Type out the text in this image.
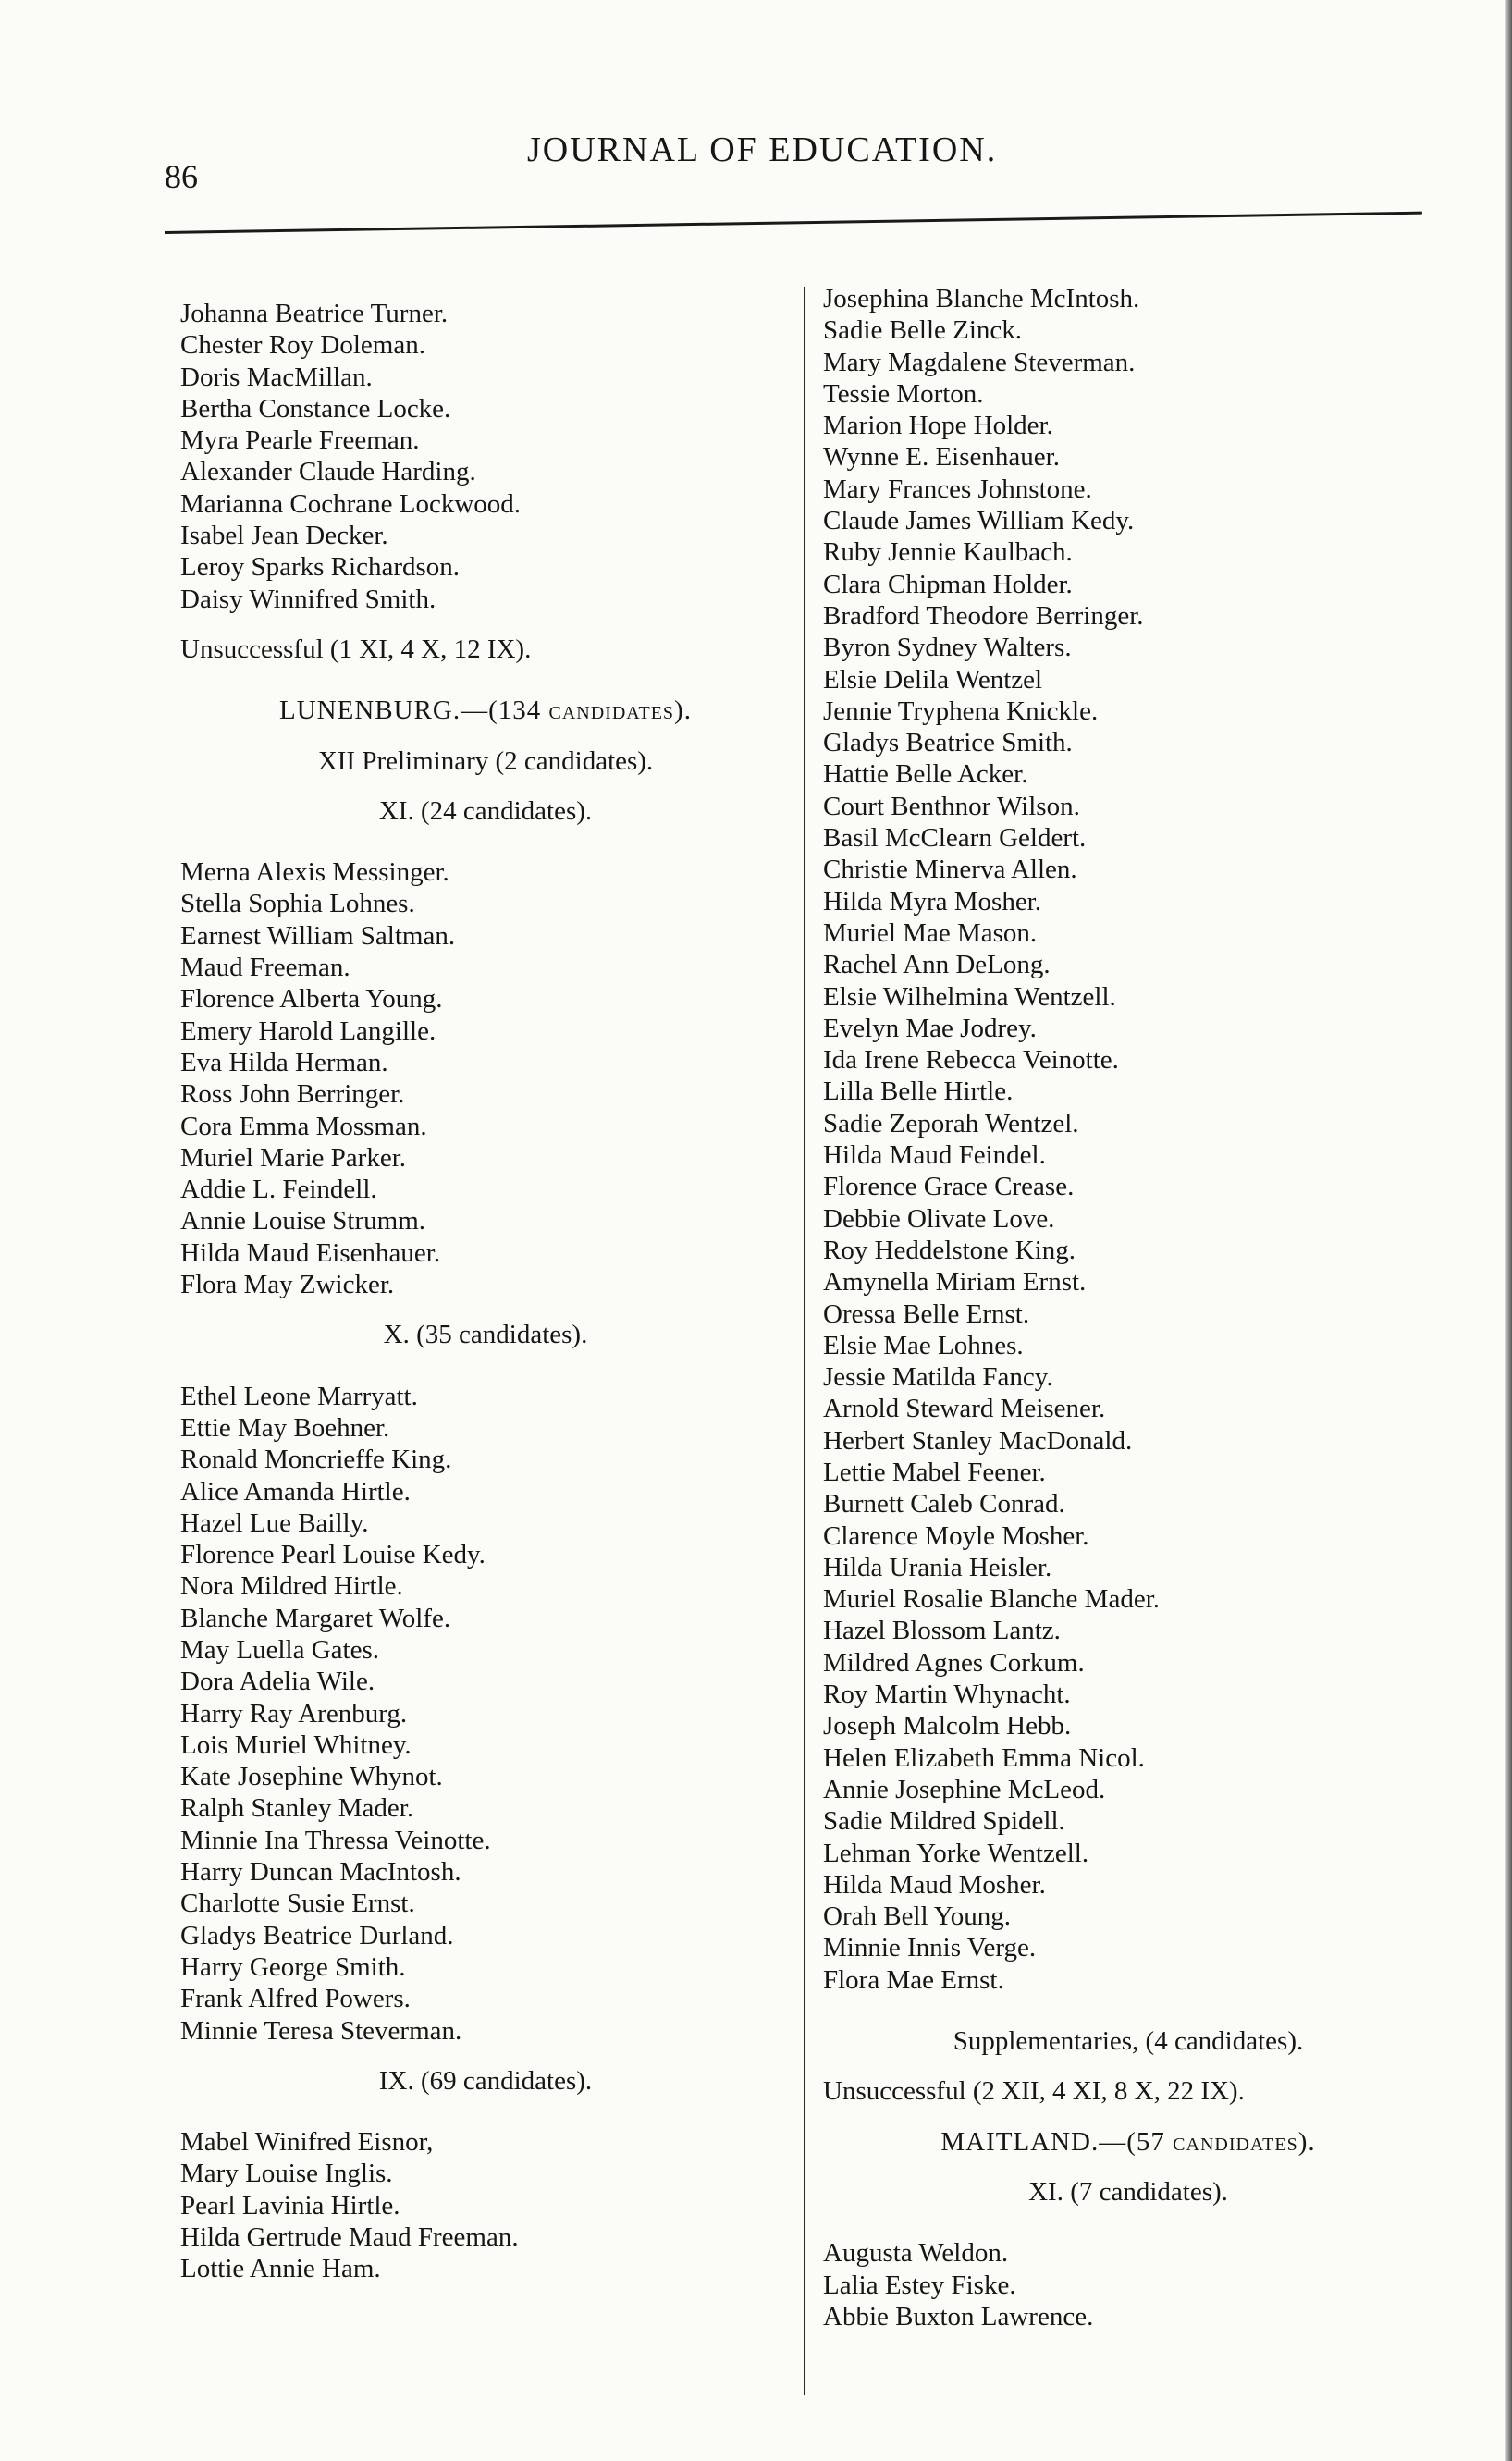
86
JOURNAL OF EDUCATION.
Johanna Beatrice Turner.
Chester Roy Doleman.
Doris MacMillan.
Bertha Constance Locke.
Myra Pearle Freeman.
Alexander Claude Harding.
Marianna Cochrane Lockwood.
Isabel Jean Decker.
Leroy Sparks Richardson.
Daisy Winnifred Smith.
Unsuccessful (1 XI, 4 X, 12 IX).
LUNENBURG.—(134 candidates).
XII Preliminary (2 candidates).
XI. (24 candidates).
Merna Alexis Messinger.
Stella Sophia Lohnes.
Earnest William Saltman.
Maud Freeman.
Florence Alberta Young.
Emery Harold Langille.
Eva Hilda Herman.
Ross John Berringer.
Cora Emma Mossman.
Muriel Marie Parker.
Addie L. Feindell.
Annie Louise Strumm.
Hilda Maud Eisenhauer.
Flora May Zwicker.
X. (35 candidates).
Ethel Leone Marryatt.
Ettie May Boehner.
Ronald Moncrieffe King.
Alice Amanda Hirtle.
Hazel Lue Bailly.
Florence Pearl Louise Kedy.
Nora Mildred Hirtle.
Blanche Margaret Wolfe.
May Luella Gates.
Dora Adelia Wile.
Harry Ray Arenburg.
Lois Muriel Whitney.
Kate Josephine Whynot.
Ralph Stanley Mader.
Minnie Ina Thressa Veinotte.
Harry Duncan MacIntosh.
Charlotte Susie Ernst.
Gladys Beatrice Durland.
Harry George Smith.
Frank Alfred Powers.
Minnie Teresa Steverman.
IX. (69 candidates).
Mabel Winifred Eisnor,
Mary Louise Inglis.
Pearl Lavinia Hirtle.
Hilda Gertrude Maud Freeman.
Lottie Annie Ham.
Josephina Blanche McIntosh.
Sadie Belle Zinck.
Mary Magdalene Steverman.
Tessie Morton.
Marion Hope Holder.
Wynne E. Eisenhauer.
Mary Frances Johnstone.
Claude James William Kedy.
Ruby Jennie Kaulbach.
Clara Chipman Holder.
Bradford Theodore Berringer.
Byron Sydney Walters.
Elsie Delila Wentzel
Jennie Tryphena Knickle.
Gladys Beatrice Smith.
Hattie Belle Acker.
Court Benthnor Wilson.
Basil McClearn Geldert.
Christie Minerva Allen.
Hilda Myra Mosher.
Muriel Mae Mason.
Rachel Ann DeLong.
Elsie Wilhelmina Wentzell.
Evelyn Mae Jodrey.
Ida Irene Rebecca Veinotte.
Lilla Belle Hirtle.
Sadie Zeporah Wentzel.
Hilda Maud Feindel.
Florence Grace Crease.
Debbie Olivate Love.
Roy Heddelstone King.
Amynella Miriam Ernst.
Oressa Belle Ernst.
Elsie Mae Lohnes.
Jessie Matilda Fancy.
Arnold Steward Meisener.
Herbert Stanley MacDonald.
Lettie Mabel Feener.
Burnett Caleb Conrad.
Clarence Moyle Mosher.
Hilda Urania Heisler.
Muriel Rosalie Blanche Mader.
Hazel Blossom Lantz.
Mildred Agnes Corkum.
Roy Martin Whynacht.
Joseph Malcolm Hebb.
Helen Elizabeth Emma Nicol.
Annie Josephine McLeod.
Sadie Mildred Spidell.
Lehman Yorke Wentzell.
Hilda Maud Mosher.
Orah Bell Young.
Minnie Innis Verge.
Flora Mae Ernst.
Supplementaries, (4 candidates).
Unsuccessful (2 XII, 4 XI, 8 X, 22 IX).
MAITLAND.—(57 candidates).
XI. (7 candidates).
Augusta Weldon.
Lalia Estey Fiske.
Abbie Buxton Lawrence.
